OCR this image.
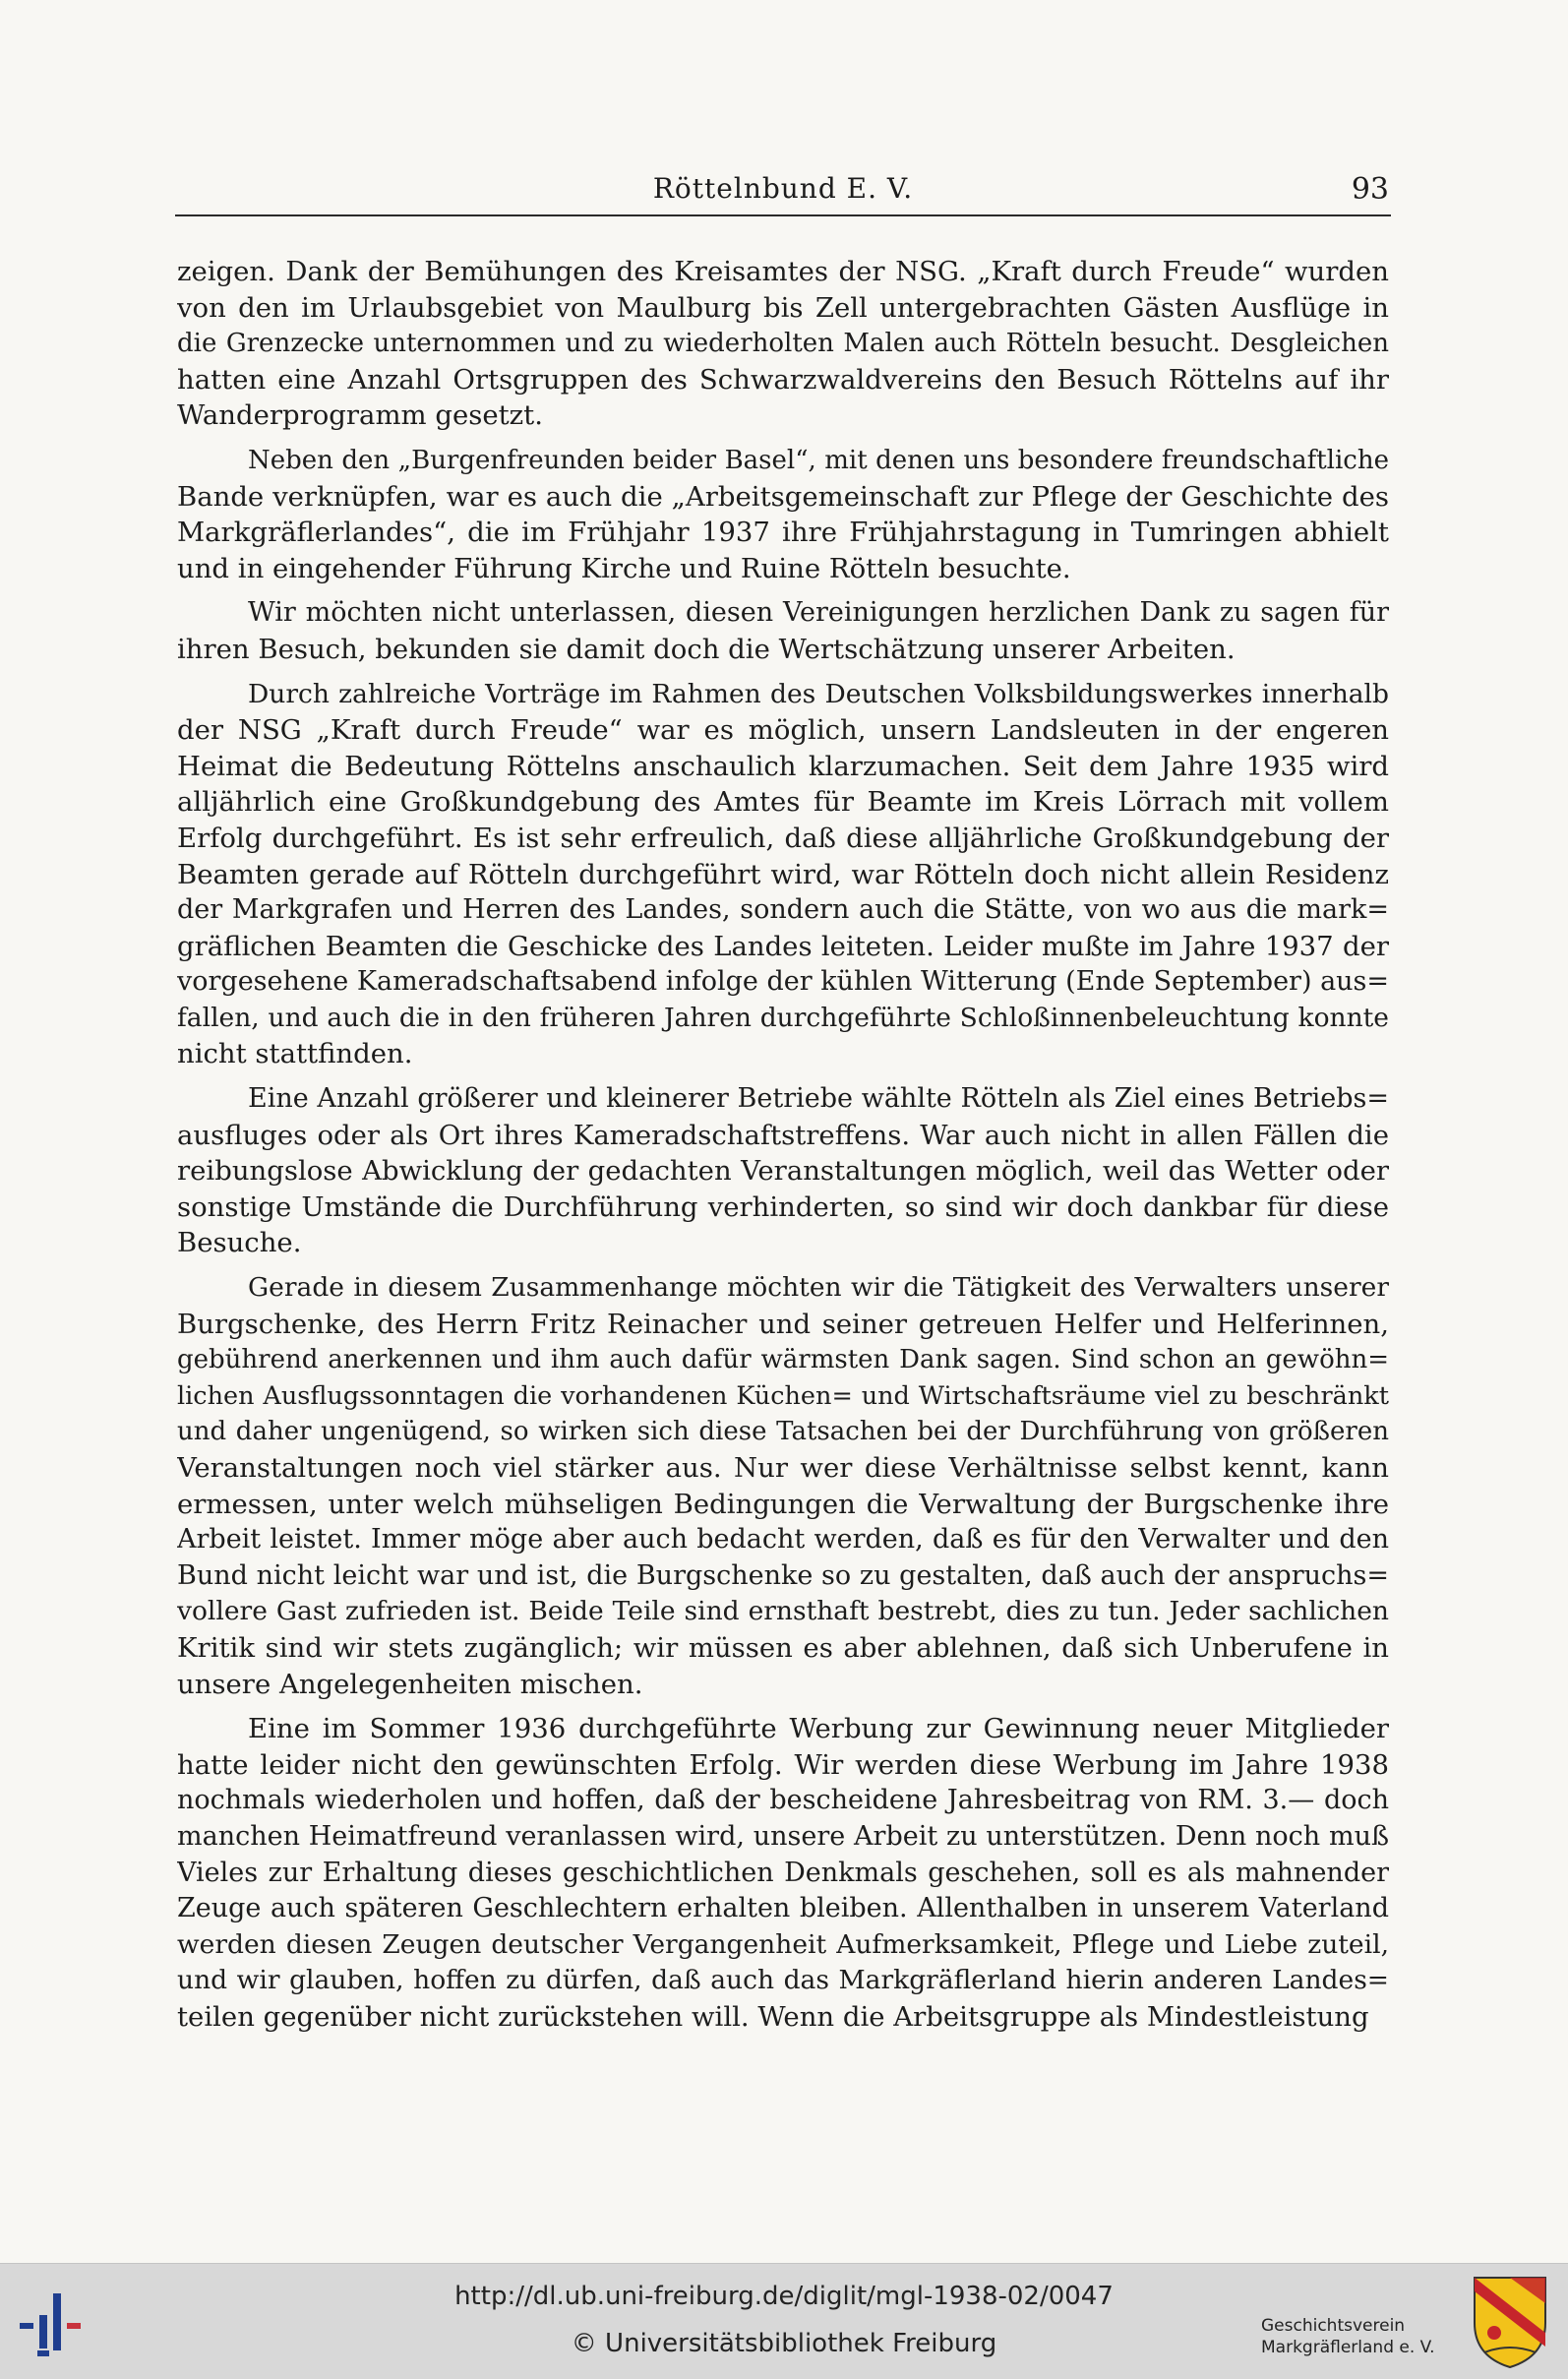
Röttelnbund E. V.	93
zeigen. Dank der Bemühungen des Kreisamtes der NSG. „Kraft durch Freude“ wurden
von den im Urlaubsgebiet von Maulburg bis Zell untergebrachten Gästen Ausflüge in
die Grenzecke unternommen und zu wiederholten Malen auch Rötteln besucht. Desgleichen
hatten eine Anzahl Ortsgruppen des Schwarzwaldvereins den Besuch Röttelns auf ihr
Wanderprogramm gesetzt.
Neben den „Burgenfreunden beider Basel“, mit denen uns besondere freundschaftliche
Bande verknüpfen, war es auch die „Arbeitsgemeinschaft zur Pflege der Geschichte des
Markgräflerlandes“, die im Frühjahr 1937 ihre Frühjahrstagung in Tumringen abhielt
und in eingehender Führung Kirche und Ruine Rötteln besuchte.
Wir möchten nicht unterlassen, diesen Vereinigungen herzlichen Dank zu sagen für
ihren Besuch, bekunden sie damit doch die Wertschätzung unserer Arbeiten.
Durch zahlreiche Vorträge im Rahmen des Deutschen Volksbildungswerkes innerhalb
der NSG „Kraft durch Freude“ war es möglich, unsern Landsleuten in der engeren
Heimat die Bedeutung Röttelns anschaulich klarzumachen. Seit dem Jahre 1935 wird
alljährlich eine Großkundgebung des Amtes für Beamte im Kreis Lörrach mit vollem
Erfolg durchgeführt. Es ist sehr erfreulich, daß diese alljährliche Großkundgebung der
Beamten gerade auf Rötteln durchgeführt wird, war Rötteln doch nicht allein Residenz
der Markgrafen und Herren des Landes, sondern auch die Stätte, von wo aus die mark=
gräflichen Beamten die Geschicke des Landes leiteten. Leider mußte im Jahre 1937 der
vorgesehene Kameradschaftsabend infolge der kühlen Witterung (Ende September) aus=
fallen, und auch die in den früheren Jahren durchgeführte Schloßinnenbeleuchtung konnte
nicht stattfinden.
Eine Anzahl größerer und kleinerer Betriebe wählte Rötteln als Ziel eines Betriebs=
ausfluges oder als Ort ihres Kameradschaftstreffens. War auch nicht in allen Fällen die
reibungslose Abwicklung der gedachten Veranstaltungen möglich, weil das Wetter oder
sonstige Umstände die Durchführung verhinderten, so sind wir doch dankbar für diese
Besuche.
Gerade in diesem Zusammenhange möchten wir die Tätigkeit des Verwalters unserer
Burgschenke, des Herrn Fritz Reinacher und seiner getreuen Helfer und Helferinnen,
gebührend anerkennen und ihm auch dafür wärmsten Dank sagen. Sind schon an gewöhn=
lichen Ausflugssonntagen die vorhandenen Küchen= und Wirtschaftsräume viel zu beschränkt
und daher ungenügend, so wirken sich diese Tatsachen bei der Durchführung von größeren
Veranstaltungen noch viel stärker aus. Nur wer diese Verhältnisse selbst kennt, kann
ermessen, unter welch mühseligen Bedingungen die Verwaltung der Burgschenke ihre
Arbeit leistet. Immer möge aber auch bedacht werden, daß es für den Verwalter und den
Bund nicht leicht war und ist, die Burgschenke so zu gestalten, daß auch der anspruchs=
vollere Gast zufrieden ist. Beide Teile sind ernsthaft bestrebt, dies zu tun. Jeder sachlichen
Kritik sind wir stets zugänglich; wir müssen es aber ablehnen, daß sich Unberufene in
unsere Angelegenheiten mischen.
Eine im Sommer 1936 durchgeführte Werbung zur Gewinnung neuer Mitglieder
hatte leider nicht den gewünschten Erfolg. Wir werden diese Werbung im Jahre 1938
nochmals wiederholen und hoffen, daß der bescheidene Jahresbeitrag von RM. 3.— doch
manchen Heimatfreund veranlassen wird, unsere Arbeit zu unterstützen. Denn noch muß
Vieles zur Erhaltung dieses geschichtlichen Denkmals geschehen, soll es als mahnender
Zeuge auch späteren Geschlechtern erhalten bleiben. Allenthalben in unserem Vaterland
werden diesen Zeugen deutscher Vergangenheit Aufmerksamkeit, Pflege und Liebe zuteil,
und wir glauben, hoffen zu dürfen, daß auch das Markgräflerland hierin anderen Landes=
teilen gegenüber nicht zurückstehen will. Wenn die Arbeitsgruppe als Mindestleistung
http://dl.ub.uni-freiburg.de/diglit/mgl-1938-02/0047
© Universitätsbibliothek Freiburg
Geschichtsverein
Markgräflerland e. V.
